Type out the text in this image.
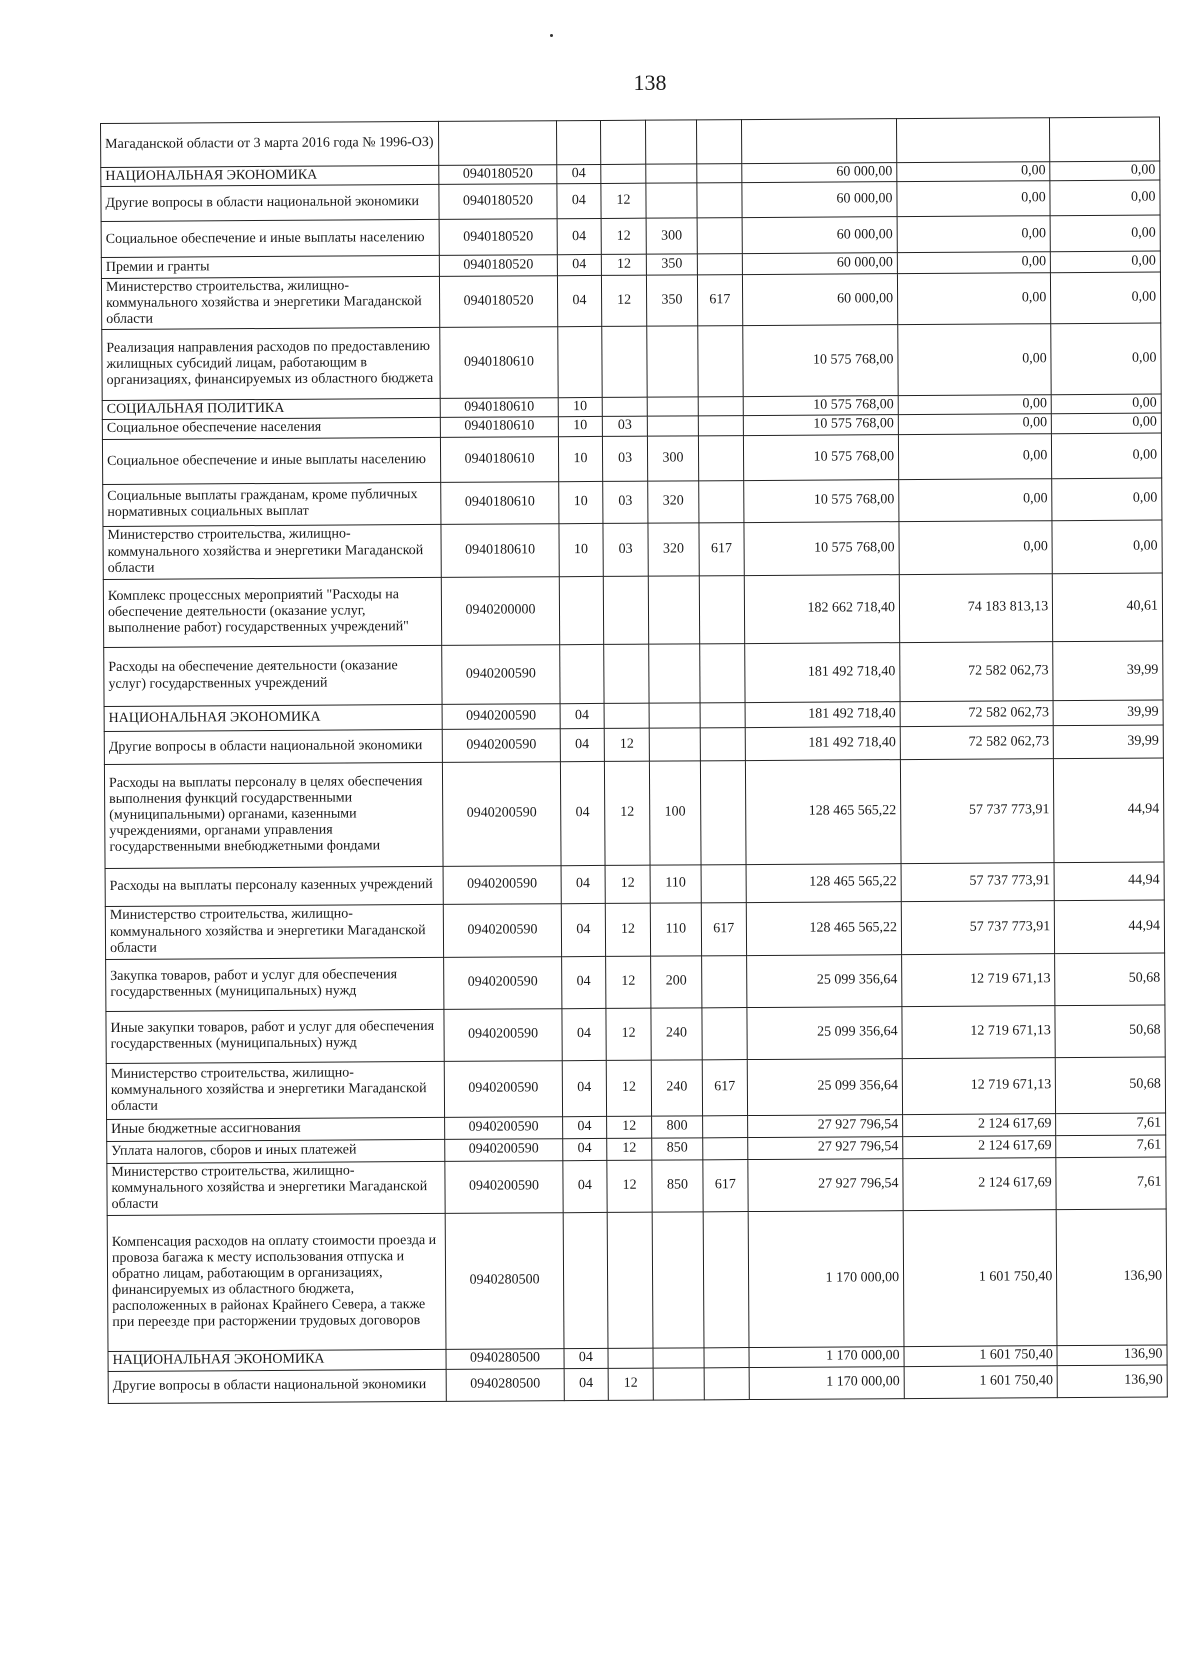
138
Магаданской области от 3 марта 2016 года № 1996-ОЗ)								
НАЦИОНАЛЬНАЯ ЭКОНОМИКА	0940180520	04				60 000,00	0,00	0,00
Другие вопросы в области национальной экономики	0940180520	04	12			60 000,00	0,00	0,00
Социальное обеспечение и иные выплаты населению	0940180520	04	12	300		60 000,00	0,00	0,00
Премии и гранты	0940180520	04	12	350		60 000,00	0,00	0,00
Министерство строительства, жилищно-коммунального хозяйства и энергетики Магаданской области	0940180520	04	12	350	617	60 000,00	0,00	0,00
Реализация направления расходов по предоставлению жилищных субсидий лицам, работающим в организациях, финансируемых из областного бюджета	0940180610					10 575 768,00	0,00	0,00
СОЦИАЛЬНАЯ ПОЛИТИКА	0940180610	10				10 575 768,00	0,00	0,00
Социальное обеспечение населения	0940180610	10	03			10 575 768,00	0,00	0,00
Социальное обеспечение и иные выплаты населению	0940180610	10	03	300		10 575 768,00	0,00	0,00
Социальные выплаты гражданам, кроме публичных нормативных социальных выплат	0940180610	10	03	320		10 575 768,00	0,00	0,00
Министерство строительства, жилищно-коммунального хозяйства и энергетики Магаданской области	0940180610	10	03	320	617	10 575 768,00	0,00	0,00
Комплекс процессных мероприятий "Расходы на обеспечение деятельности (оказание услуг, выполнение работ) государственных учреждений"	0940200000					182 662 718,40	74 183 813,13	40,61
Расходы на обеспечение деятельности (оказание услуг) государственных учреждений	0940200590					181 492 718,40	72 582 062,73	39,99
НАЦИОНАЛЬНАЯ ЭКОНОМИКА	0940200590	04				181 492 718,40	72 582 062,73	39,99
Другие вопросы в области национальной экономики	0940200590	04	12			181 492 718,40	72 582 062,73	39,99
Расходы на выплаты персоналу в целях обеспечения выполнения функций государственными (муниципальными) органами, казенными учреждениями, органами управления государственными внебюджетными фондами	0940200590	04	12	100		128 465 565,22	57 737 773,91	44,94
Расходы на выплаты персоналу казенных учреждений	0940200590	04	12	110		128 465 565,22	57 737 773,91	44,94
Министерство строительства, жилищно-коммунального хозяйства и энергетики Магаданской области	0940200590	04	12	110	617	128 465 565,22	57 737 773,91	44,94
Закупка товаров, работ и услуг для обеспечения государственных (муниципальных) нужд	0940200590	04	12	200		25 099 356,64	12 719 671,13	50,68
Иные закупки товаров, работ и услуг для обеспечения государственных (муниципальных) нужд	0940200590	04	12	240		25 099 356,64	12 719 671,13	50,68
Министерство строительства, жилищно-коммунального хозяйства и энергетики Магаданской области	0940200590	04	12	240	617	25 099 356,64	12 719 671,13	50,68
Иные бюджетные ассигнования	0940200590	04	12	800		27 927 796,54	2 124 617,69	7,61
Уплата налогов, сборов и иных платежей	0940200590	04	12	850		27 927 796,54	2 124 617,69	7,61
Министерство строительства, жилищно-коммунального хозяйства и энергетики Магаданской области	0940200590	04	12	850	617	27 927 796,54	2 124 617,69	7,61
Компенсация расходов на оплату стоимости проезда и провоза багажа к месту использования отпуска и обратно лицам, работающим в организациях, финансируемых из областного бюджета, расположенных в районах Крайнего Севера, а также при переезде при расторжении трудовых договоров	0940280500					1 170 000,00	1 601 750,40	136,90
НАЦИОНАЛЬНАЯ ЭКОНОМИКА	0940280500	04				1 170 000,00	1 601 750,40	136,90
Другие вопросы в области национальной экономики	0940280500	04	12			1 170 000,00	1 601 750,40	136,90
